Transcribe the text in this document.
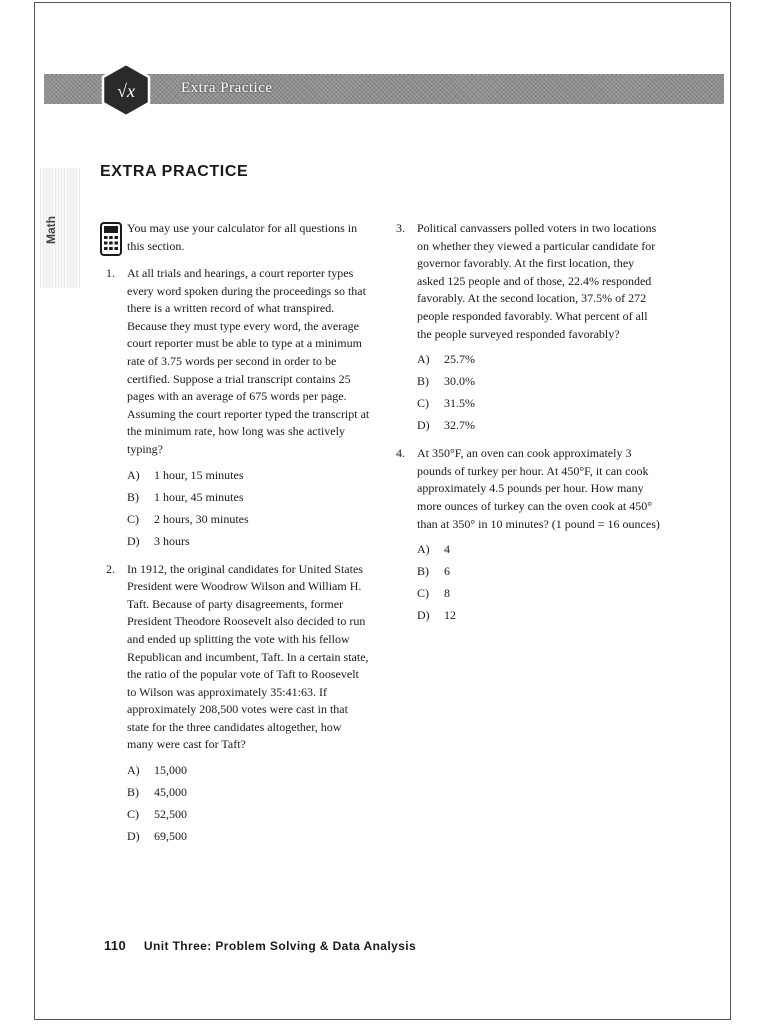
√x	Extra Practice
Math
EXTRA PRACTICE
You may use your calculator for all questions in this section.
1. At all trials and hearings, a court reporter types every word spoken during the proceedings so that there is a written record of what transpired. Because they must type every word, the average court reporter must be able to type at a minimum rate of 3.75 words per second in order to be certified. Suppose a trial transcript contains 25 pages with an average of 675 words per page. Assuming the court reporter typed the transcript at the minimum rate, how long was she actively typing?
A)	1 hour, 15 minutes
B)	1 hour, 45 minutes
C)	2 hours, 30 minutes
D)	3 hours
2. In 1912, the original candidates for United States President were Woodrow Wilson and William H. Taft. Because of party disagreements, former President Theodore Roosevelt also decided to run and ended up splitting the vote with his fellow Republican and incumbent, Taft. In a certain state, the ratio of the popular vote of Taft to Roosevelt to Wilson was approximately 35:41:63. If approximately 208,500 votes were cast in that state for the three candidates altogether, how many were cast for Taft?
A)	15,000
B)	45,000
C)	52,500
D)	69,500
3. Political canvassers polled voters in two locations on whether they viewed a particular candidate for governor favorably. At the first location, they asked 125 people and of those, 22.4% responded favorably. At the second location, 37.5% of 272 people responded favorably. What percent of all the people surveyed responded favorably?
A)	25.7%
B)	30.0%
C)	31.5%
D)	32.7%
4. At 350°F, an oven can cook approximately 3 pounds of turkey per hour. At 450°F, it can cook approximately 4.5 pounds per hour. How many more ounces of turkey can the oven cook at 450° than at 350° in 10 minutes? (1 pound = 16 ounces)
A)	4
B)	6
C)	8
D)	12
110 Unit Three: Problem Solving & Data Analysis
